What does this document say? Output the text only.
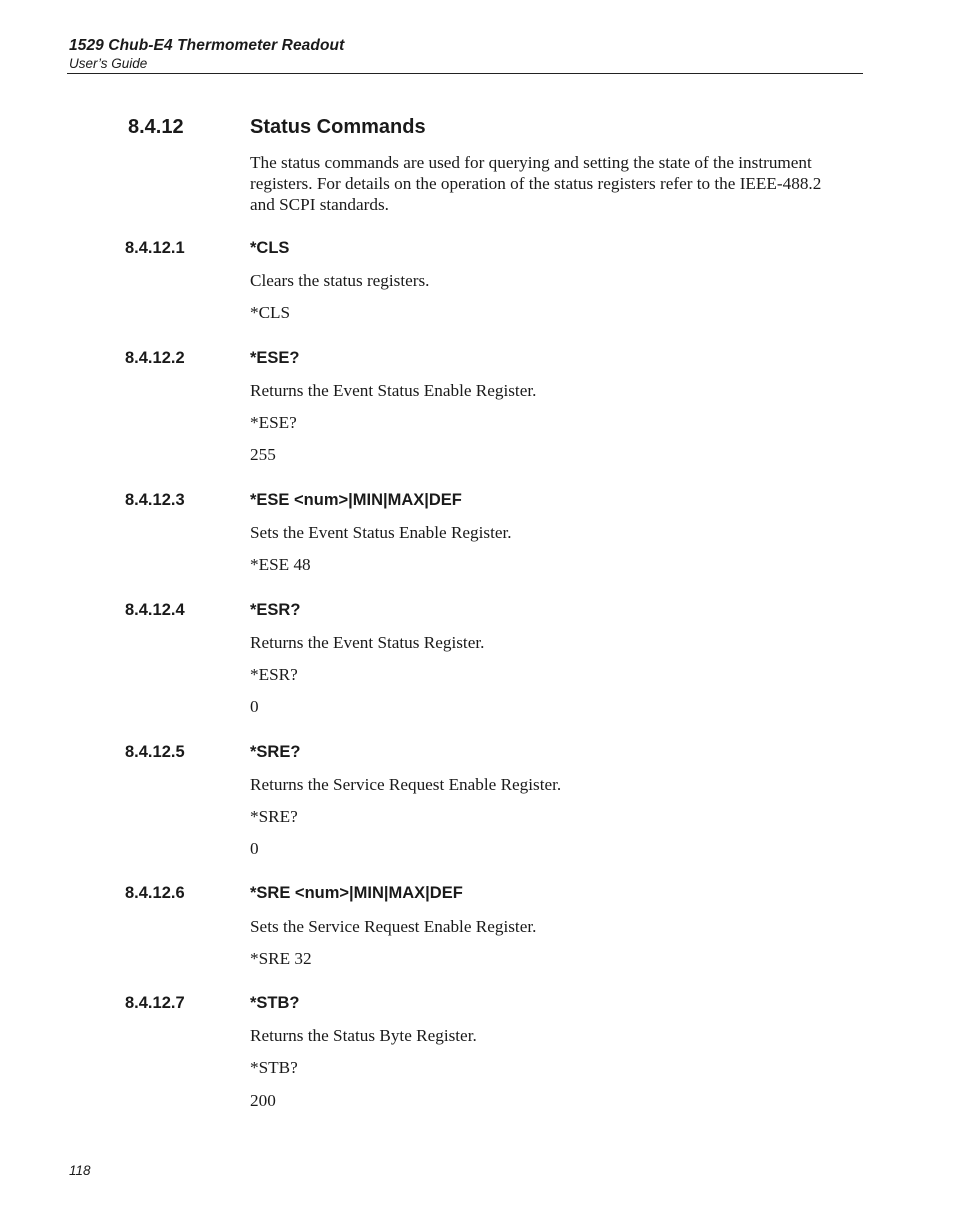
1529 Chub-E4 Thermometer Readout
User’s Guide
8.4.12	Status Commands

The status commands are used for querying and setting the state of the instrument registers. For details on the operation of the status registers refer to the IEEE-488.2 and SCPI standards.

8.4.12.1	*CLS
Clears the status registers.
*CLS
8.4.12.2	*ESE?
Returns the Event Status Enable Register.
*ESE?
255
8.4.12.3	*ESE <num>|MIN|MAX|DEF
Sets the Event Status Enable Register.
*ESE 48
8.4.12.4	*ESR?
Returns the Event Status Register.
*ESR?
0
8.4.12.5	*SRE?
Returns the Service Request Enable Register.
*SRE?
0
8.4.12.6	*SRE <num>|MIN|MAX|DEF
Sets the Service Request Enable Register.
*SRE 32
8.4.12.7	*STB?
Returns the Status Byte Register.
*STB?
200
118
